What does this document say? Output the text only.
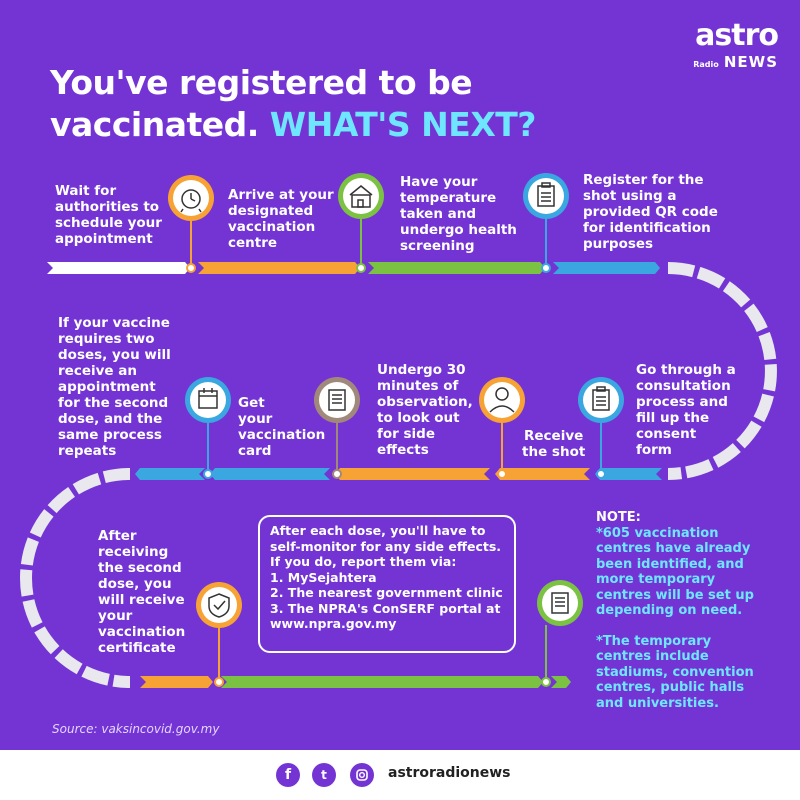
You've registered to be
vaccinated. WHAT'S NEXT?
astro
Radio NEWS
Wait for
authorities to
schedule your
appointment
Arrive at your
designated
vaccination
centre
Have your
temperature
taken and
undergo health
screening
Register for the
shot using a
provided QR code
for identification
purposes
Go through a
consultation
process and
fill up the
consent
form
Receive
the shot
Undergo 30
minutes of
observation,
to look out
for side
effects
Get
your
vaccination
card
If your vaccine
requires two
doses, you will
receive an
appointment
for the second
dose, and the
same process
repeats
After
receiving
the second
dose, you
will receive
your
vaccination
certificate
After each dose, you'll have to
self-monitor for any side effects.
If you do, report them via:
1. MySejahtera
2. The nearest government clinic
3. The NPRA's ConSERF portal at
www.npra.gov.my
NOTE:
*605 vaccination
centres have already
been identified, and
more temporary
centres will be set up
depending on need.
*The temporary
centres include
stadiums, convention
centres, public halls
and universities.
Source: vaksincovid.gov.my
f	t	astroradionews
